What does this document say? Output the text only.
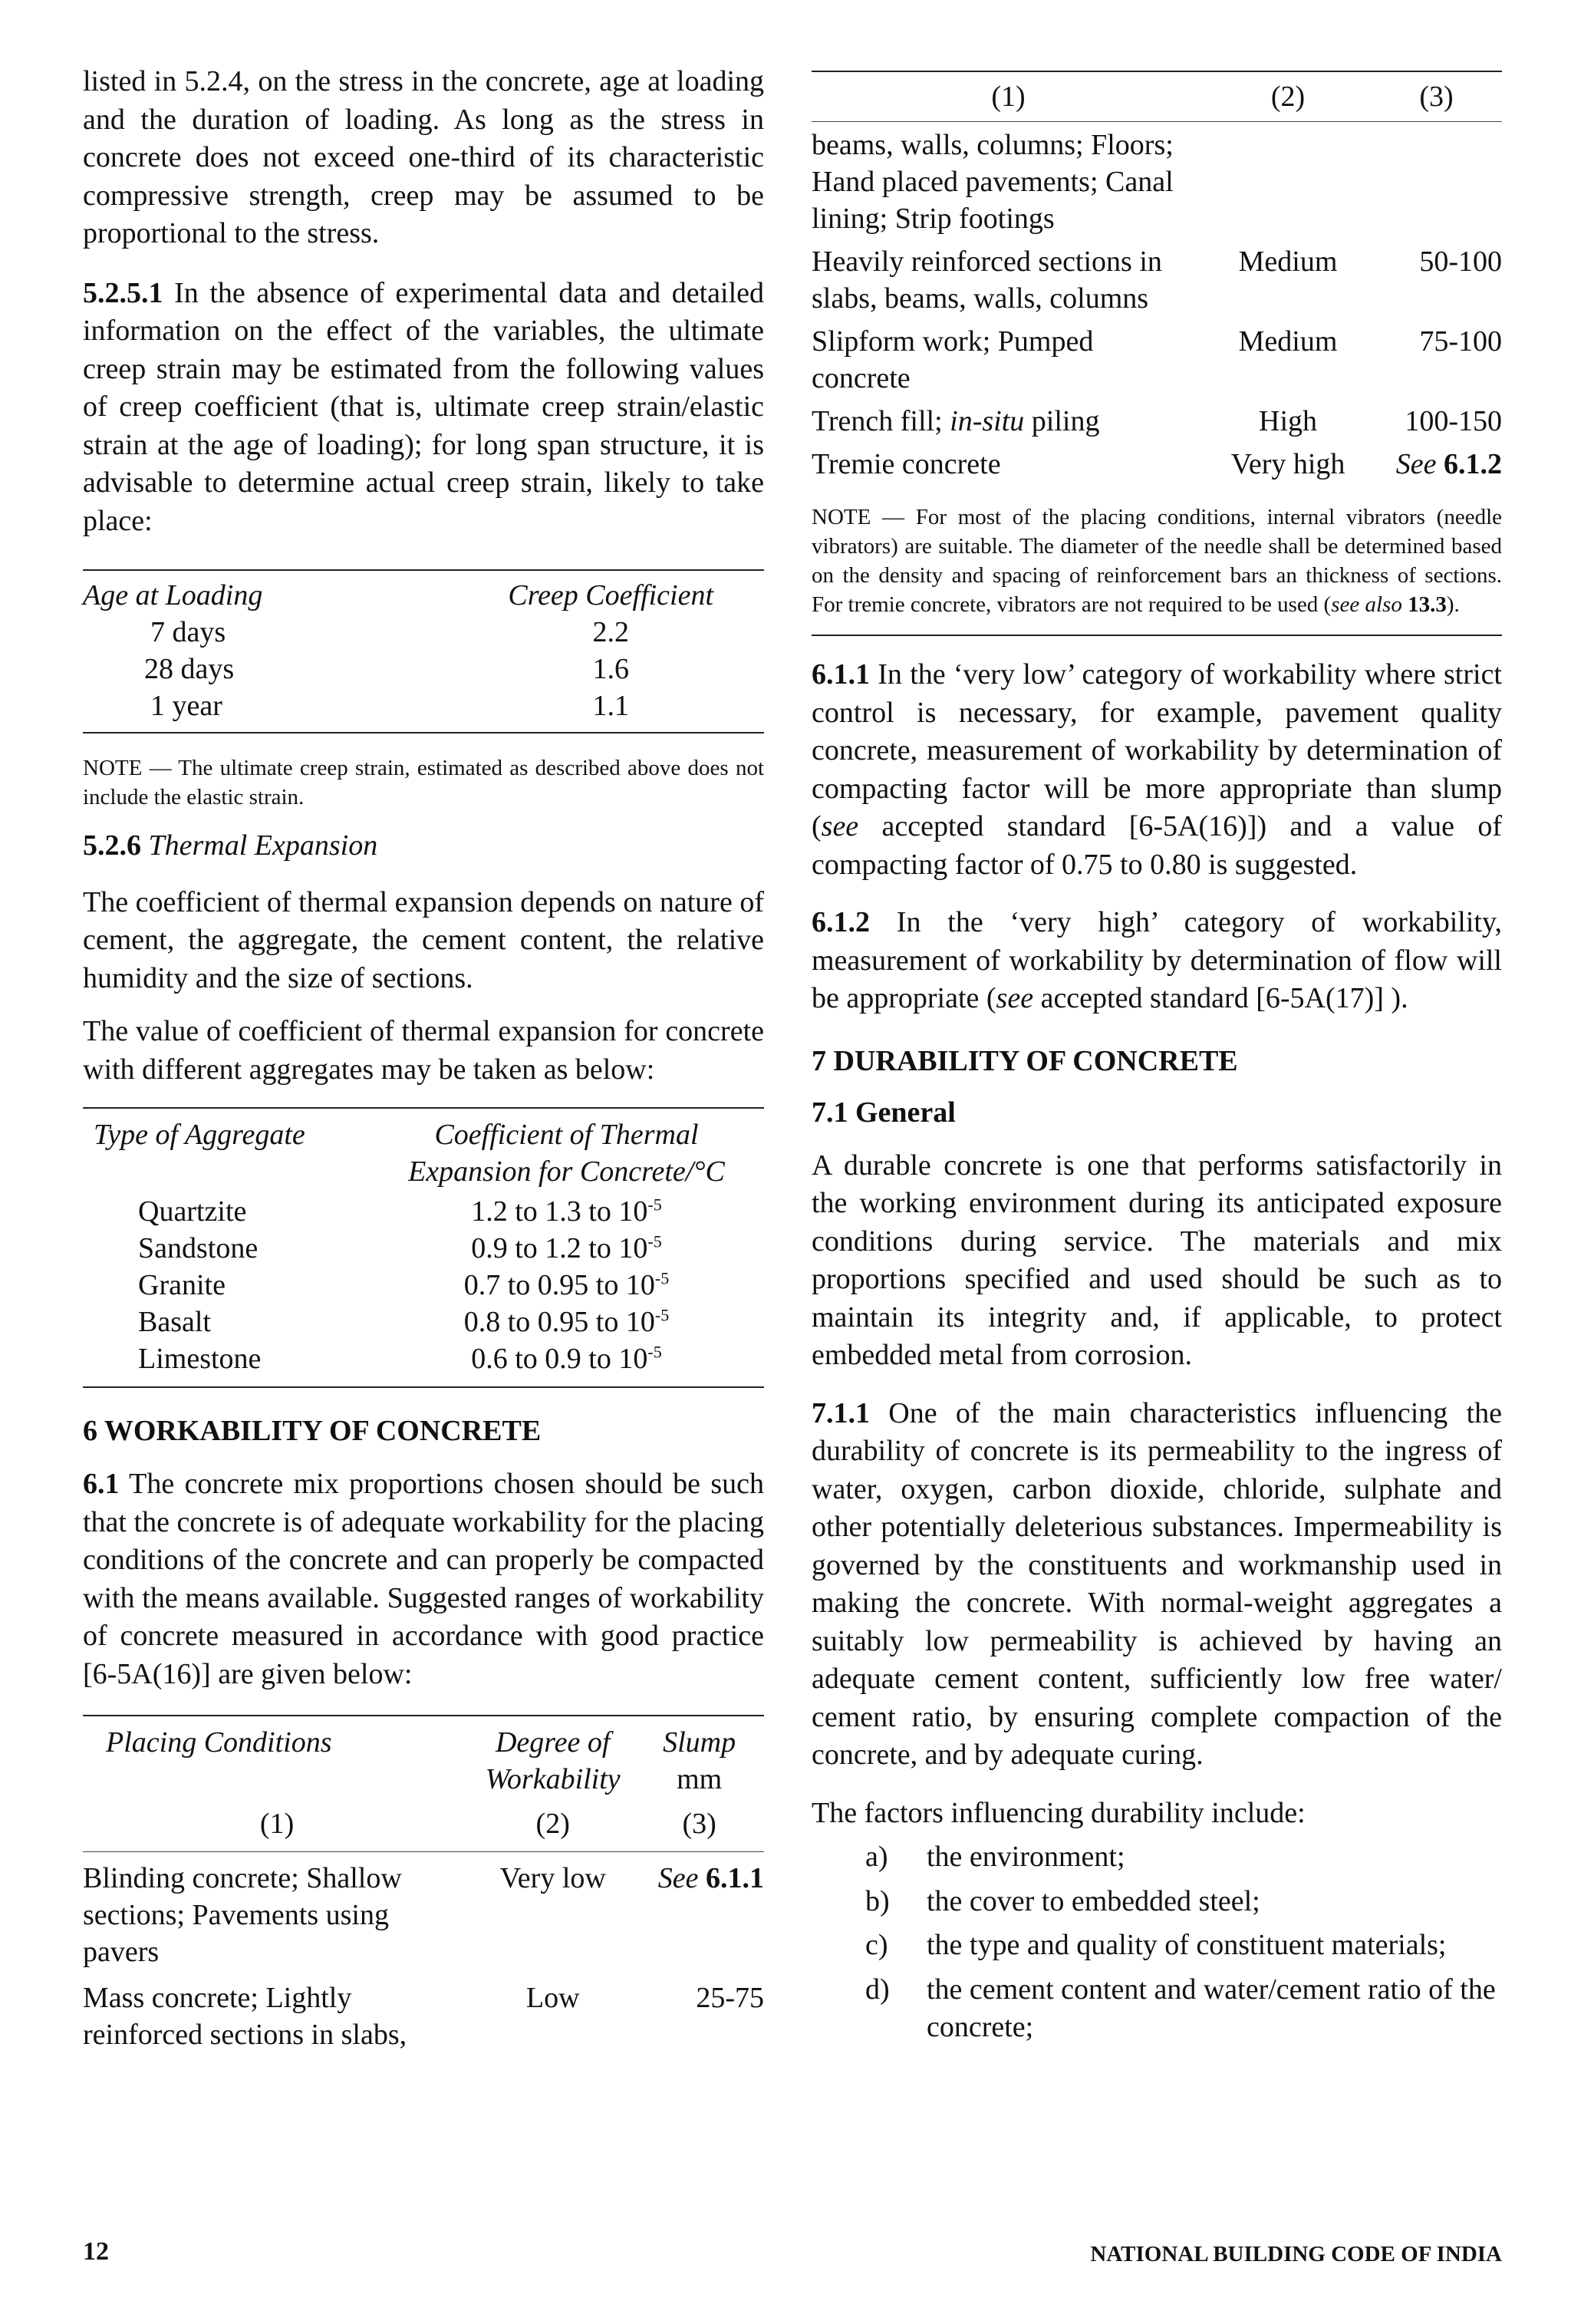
listed in 5.2.4, on the stress in the concrete, age at loading and the duration of loading. As long as the stress in concrete does not exceed one-third of its characteristic compressive strength, creep may be assumed to be proportional to the stress.

5.2.5.1 In the absence of experimental data and detailed information on the effect of the variables, the ultimate creep strain may be estimated from the following values of creep coefficient (that is, ultimate creep strain/elastic strain at the age of loading); for long span structure, it is advisable to determine actual creep strain, likely to take place:

Age at Loading	Creep Coefficient
7 days	2.2
28 days	1.6
1 year	1.1

NOTE — The ultimate creep strain, estimated as described above does not include the elastic strain.

5.2.6 Thermal Expansion

The coefficient of thermal expansion depends on nature of cement, the aggregate, the cement content, the relative humidity and the size of sections.

The value of coefficient of thermal expansion for concrete with different aggregates may be taken as below:

Type of Aggregate	Coefficient of Thermal
Expansion for Concrete/°C
Quartzite	1.2 to 1.3 to $10^{-5}$
Sandstone	0.9 to 1.2 to $10^{-5}$
Granite	0.7 to 0.95 to $10^{-5}$
Basalt	0.8 to 0.95 to $10^{-5}$
Limestone	0.6 to 0.9 to $10^{-5}$
6 WORKABILITY OF CONCRETE

6.1 The concrete mix proportions chosen should be such that the concrete is of adequate workability for the placing conditions of the concrete and can properly be compacted with the means available. Suggested ranges of workability of concrete measured in accordance with good practice [6-5A(16)] are given below:

Placing Conditions	Degree of
Workability	Slump
mm
(1)	(2)	(3)
Blinding concrete; Shallow sections; Pavements using pavers	Very low	See 6.1.1
Mass concrete; Lightly reinforced sections in slabs,	Low	25-75
(1)	(2)	(3)
beams, walls, columns; Floors; Hand placed pavements; Canal lining; Strip footings		
Heavily reinforced sections in slabs, beams, walls, columns	Medium	50-100
Slipform work; Pumped concrete	Medium	75-100
Trench fill; in-situ piling	High	100-150
Tremie concrete	Very high	See 6.1.2

NOTE — For most of the placing conditions, internal vibrators (needle vibrators) are suitable. The diameter of the needle shall be determined based on the density and spacing of reinforcement bars an thickness of sections. For tremie concrete, vibrators are not required to be used (see also 13.3).

6.1.1 In the ‘very low’ category of workability where strict control is necessary, for example, pavement quality concrete, measurement of workability by determination of compacting factor will be more appropriate than slump (see accepted standard [6-5A(16)]) and a value of compacting factor of 0.75 to 0.80 is suggested.

6.1.2 In the ‘very high’ category of workability, measurement of workability by determination of flow will be appropriate (see accepted standard [6-5A(17)] ).

7 DURABILITY OF CONCRETE
7.1 General

A durable concrete is one that performs satisfactorily in the working environment during its anticipated exposure conditions during service. The materials and mix proportions specified and used should be such as to maintain its integrity and, if applicable, to protect embedded metal from corrosion.

7.1.1 One of the main characteristics influencing the durability of concrete is its permeability to the ingress of water, oxygen, carbon dioxide, chloride, sulphate and other potentially deleterious substances. Impermeability is governed by the constituents and workmanship used in making the concrete. With normal-weight aggregates a suitably low permeability is achieved by having an adequate cement content, sufficiently low free water/ cement ratio, by ensuring complete compaction of the concrete, and by adequate curing.

The factors influencing durability include:

a) the environment;
b) the cover to embedded steel;
c) the type and quality of constituent materials;
d) the cement content and water/cement ratio of the concrete;
12	NATIONAL BUILDING CODE OF INDIA
